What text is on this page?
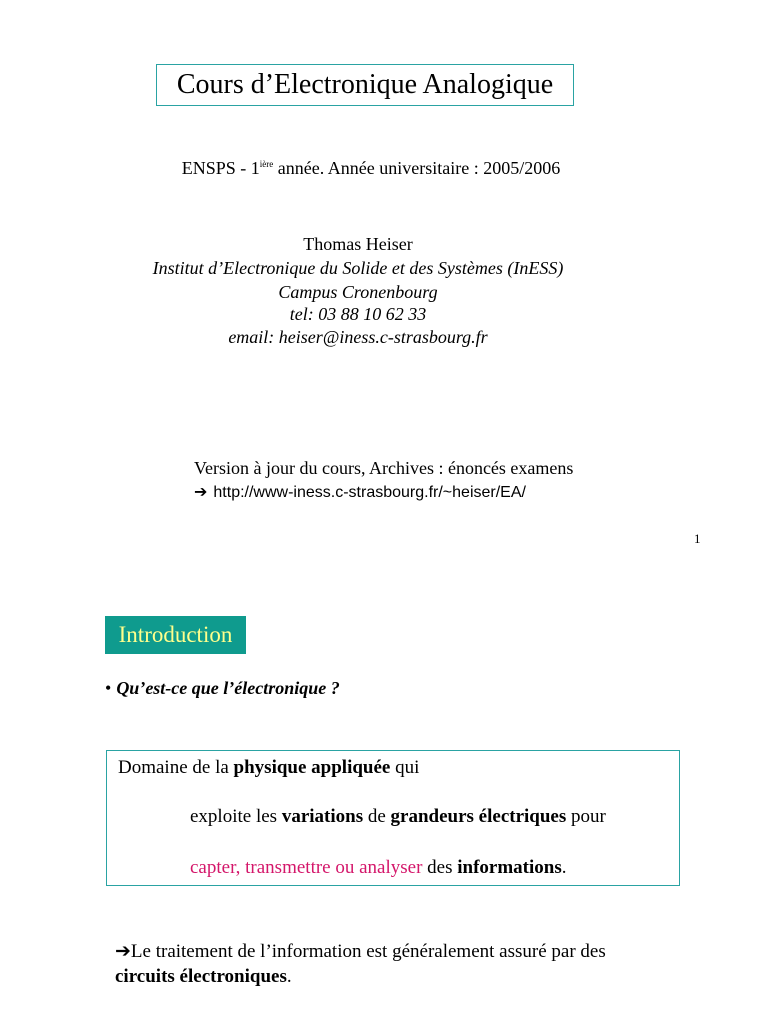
Cours d’Electronique Analogique
ENSPS - $1^{ière}$ année. Année universitaire : 2005/2006
Thomas Heiser
Institut d’Electronique du Solide et des Systèmes (InESS)
Campus Cronenbourg
tel: 03 88 10 62 33
email: heiser@iness.c-strasbourg.fr
Version à jour du cours, Archives : énoncés examens
➔ http://www-iness.c-strasbourg.fr/~heiser/EA/
1
Introduction
• Qu’est-ce que l’électronique ?
Domaine de la physique appliquée qui
exploite les variations de grandeurs électriques pour
capter, transmettre ou analyser des informations.
➔Le traitement de l’information est généralement assuré par des
circuits électroniques.
